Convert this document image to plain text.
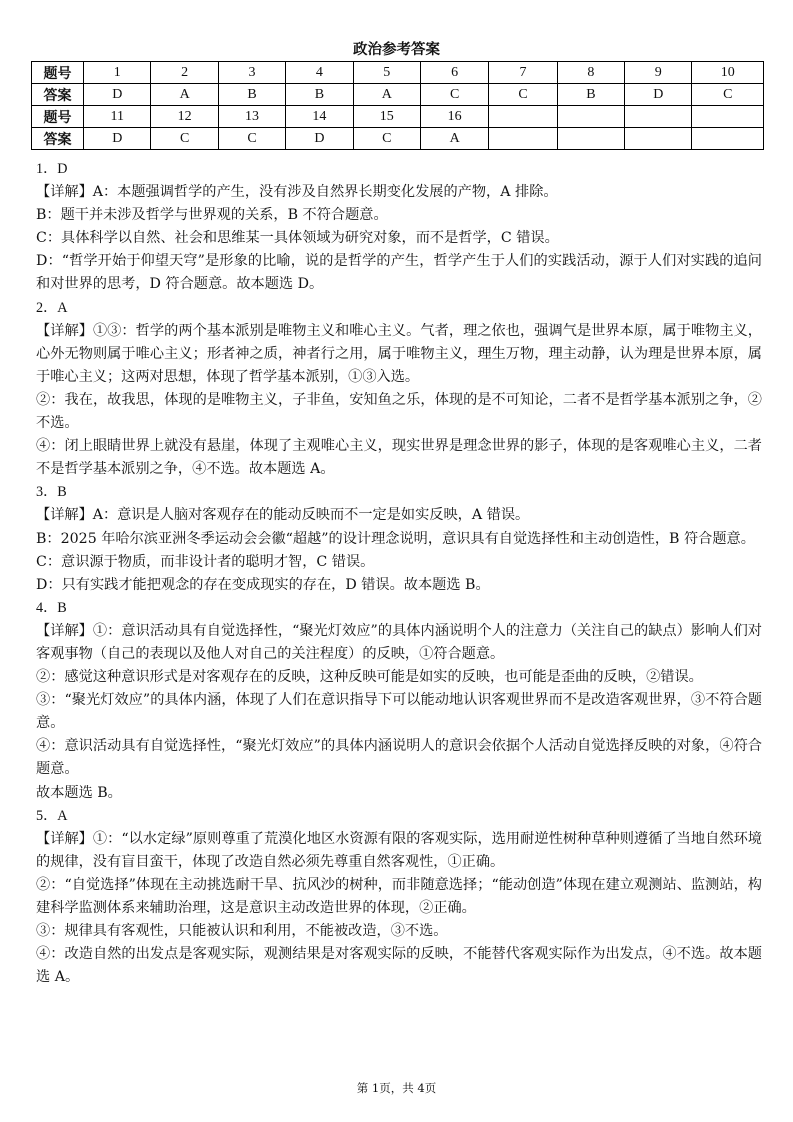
政治参考答案
题号	1	2	3	4	5	6	7	8	9	10
答案	D	A	B	B	A	C	C	B	D	C
题号	11	12	13	14	15	16				
答案	D	C	C	D	C	A				

1．D

【详解】A：本题强调哲学的产生，没有涉及自然界长期变化发展的产物，A 排除。

B：题干并未涉及哲学与世界观的关系，B 不符合题意。

C：具体科学以自然、社会和思维某一具体领域为研究对象，而不是哲学，C 错误。

D：“哲学开始于仰望天穹”是形象的比喻，说的是哲学的产生，哲学产生于人们的实践活动，源于人们对实践的追问和对世界的思考，D 符合题意。故本题选 D。

2．A

【详解】①③：哲学的两个基本派别是唯物主义和唯心主义。气者，理之依也，强调气是世界本原，属于唯物主义，心外无物则属于唯心主义；形者神之质，神者行之用，属于唯物主义，理生万物，理主动静，认为理是世界本原，属于唯心主义；这两对思想，体现了哲学基本派别，①③入选。

②：我在，故我思，体现的是唯物主义，子非鱼，安知鱼之乐，体现的是不可知论，二者不是哲学基本派别之争，②不选。

④：闭上眼睛世界上就没有悬崖，体现了主观唯心主义，现实世界是理念世界的影子，体现的是客观唯心主义，二者不是哲学基本派别之争，④不选。故本题选 A。

3．B

【详解】A：意识是人脑对客观存在的能动反映而不一定是如实反映，A 错误。

B：2025 年哈尔滨亚洲冬季运动会会徽“超越”的设计理念说明，意识具有自觉选择性和主动创造性，B 符合题意。

C：意识源于物质，而非设计者的聪明才智，C 错误。

D：只有实践才能把观念的存在变成现实的存在，D 错误。故本题选 B。

4．B

【详解】①：意识活动具有自觉选择性，“聚光灯效应”的具体内涵说明个人的注意力（关注自己的缺点）影响人们对客观事物（自己的表现以及他人对自己的关注程度）的反映，①符合题意。

②：感觉这种意识形式是对客观存在的反映，这种反映可能是如实的反映，也可能是歪曲的反映，②错误。

③：“聚光灯效应”的具体内涵，体现了人们在意识指导下可以能动地认识客观世界而不是改造客观世界，③不符合题意。

④：意识活动具有自觉选择性，“聚光灯效应”的具体内涵说明人的意识会依据个人活动自觉选择反映的对象，④符合题意。

故本题选 B。

5．A

【详解】①：“以水定绿”原则尊重了荒漠化地区水资源有限的客观实际，选用耐逆性树种草种则遵循了当地自然环境的规律，没有盲目蛮干，体现了改造自然必须先尊重自然客观性，①正确。

②：“自觉选择”体现在主动挑选耐干旱、抗风沙的树种，而非随意选择；“能动创造”体现在建立观测站、监测站，构建科学监测体系来辅助治理，这是意识主动改造世界的体现，②正确。

③：规律具有客观性，只能被认识和利用，不能被改造，③不选。

④：改造自然的出发点是客观实际，观测结果是对客观实际的反映，不能替代客观实际作为出发点，④不选。故本题选 A。

第 1页，共 4页
